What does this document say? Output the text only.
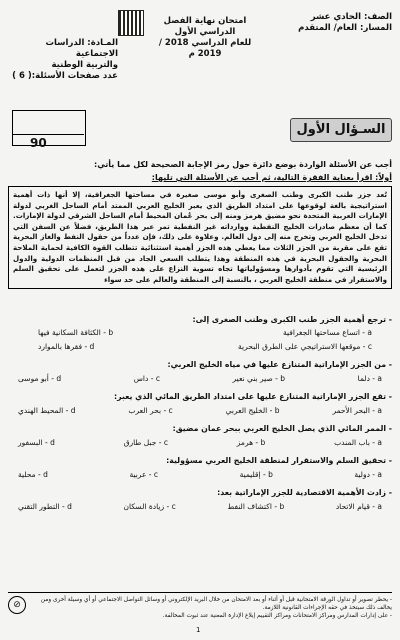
الصف: الحادي عشر
المسار: العام/ المتقدم
امتحان نهاية الفصل الدراسي الأول
للعام الدراسي 2018 / 2019 م
المـادة: الدراسات الاجتماعية
والتربية الوطنية
عدد صفحات الأسئلة:( 6 )
90
السـؤال الأول
أجب عن الأسئلة الواردة بوضع دائرة حول رمز الإجابة الصحيحة لكل مما يأتي:
أولاً: اقرأ بعناية الفقرة التالية، ثم أجب عن الأسئلة التي تليها:
تُعد جزر طنب الكبرى وطنب الصغرى وأبو موسى صغيرة في مساحتها الجغرافية، إلا أنها ذات أهمية استراتيجية بالغة لوقوعها على امتداد الطريق الذي يعبر الخليج العربي الممتد أمام الساحل الغربي لدولة الإمارات العربية المتحدة نحو مضيق هرمز ومنه إلى بحر عُمان المحيط أمام الساحل الشرقي لدولة الإمارات. كما أن معظم صادرات الخليج النفطية ووارداته غير النفطية تمر عبر هذا الطريق، فضلاً عن السفن التي تدخل الخليج العربي وتخرج منه إلى دول العالم. وعلاوة على ذلك، فإن عدداً من حقول النفط والغاز البحرية تقع على مقربة من الجزر الثلاث مما يعطي هذه الجزر أهمية استثنائية تتطلب القوة الكافية لحماية الملاحة البحرية والحقول البحرية في هذه المنطقة وهذا يتطلب السعي الجاد من قبل المنظمات الدولية والدول الرئيسية التي تقوم بأدوارها ومسؤولياتها تجاه تسوية النزاع على هذه الجزر لتعمل على تحقيق السلم والاستقرار في منطقة الخليج العربي ، بالنسبة إلى المنطقة والعالم على حد سواء
- ترجع أهمية الجزر طنب الكبرى وطنب الصغرى إلى:
a - اتساع مساحتها الجغرافية
b - الكثافة السكانية فيها
c - موقعها الاستراتيجي على الطرق البحرية
d - فقرها بالموارد
- من الجزر الإماراتية المتنازع عليها في مياه الخليج العربي:
a - دلما
b - صير بني نعير
c - داس
d - أبو موسى
- تقع الجزر الإماراتية المتنازع عليها على امتداد الطريق المائي الذي يعبر:
a - البحر الأحمر
b - الخليج العربي
c - بحر العرب
d - المحيط الهندي
- الممر المائي الذي يصل الخليج العربي ببحر عمان مضيق:
a - باب المندب
b - هرمز
c - جبل طارق
d - البسفور
- تحقيق السلم والاستقرار لمنطقة الخليج العربي مسؤولية:
a - دولية
b - إقليمية
c - عربية
d - محلية
- زادت الأهمية الاقتصادية للجزر الإماراتية بعد:
a - قيام الاتحاد
b - اكتشاف النفط
c - زيادة السكان
d - التطور التقني
- يحظر تصوير أو تداول الورقة الامتحانية قبل أو أثناء أو بعد الامتحان من خلال البريد الإلكتروني أو وسائل التواصل الاجتماعي أو أي وسيلة أخرى ومن يخالف ذلك سيتخذ في حقه الإجراءات القانونية اللازمة.
- على إدارات المدارس ومراكز الامتحانات ومراكز التقييم إبلاغ الإدارة المعنية عند ثبوت المخالفة.
⊘
1
